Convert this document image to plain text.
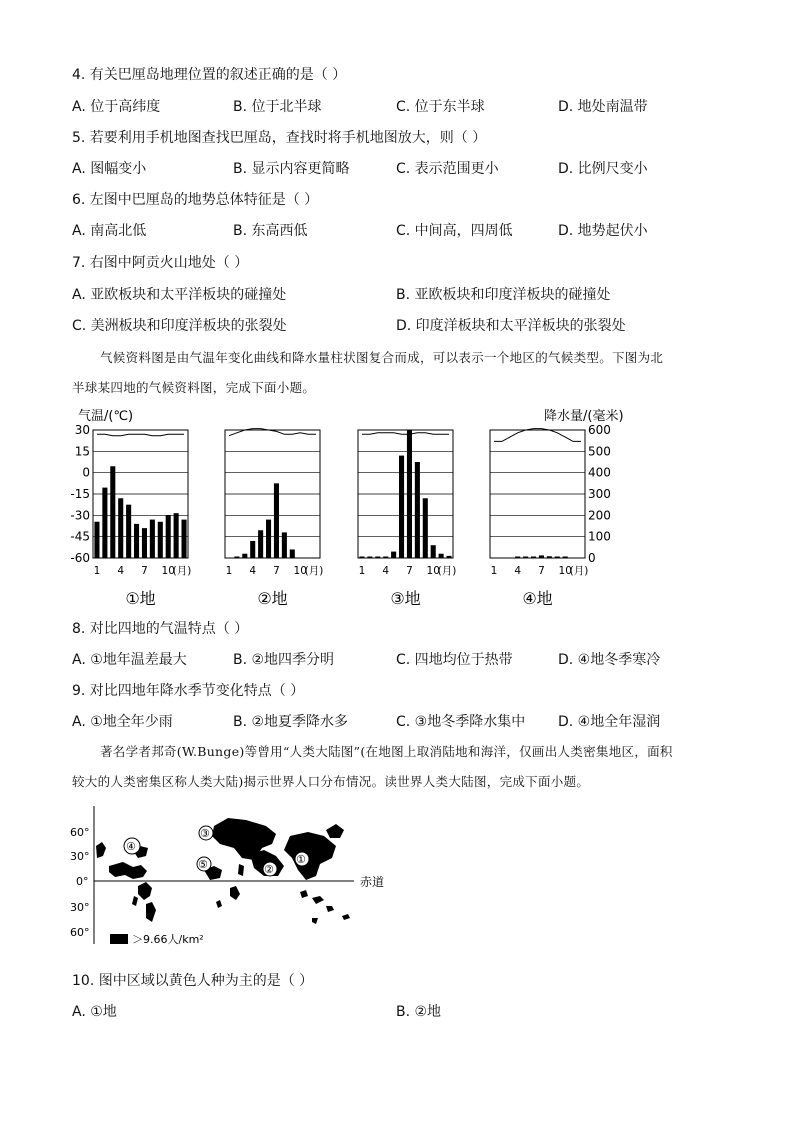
4. 有关巴厘岛地理位置的叙述正确的是（ ）
A. 位于高纬度	B. 位于北半球	C. 位于东半球	D. 地处南温带
5. 若要利用手机地图查找巴厘岛，查找时将手机地图放大，则（ ）
A. 图幅变小	B. 显示内容更简略	C. 表示范围更小	D. 比例尺变小
6. 左图中巴厘岛的地势总体特征是（ ）
A. 南高北低	B. 东高西低	C. 中间高，四周低	D. 地势起伏小
7. 右图中阿贡火山地处（ ）
A. 亚欧板块和太平洋板块的碰撞处	B. 亚欧板块和印度洋板块的碰撞处
C. 美洲板块和印度洋板块的张裂处	D. 印度洋板块和太平洋板块的张裂处
气候资料图是由气温年变化曲线和降水量柱状图复合而成，可以表示一个地区的气候类型。下图为北
半球某四地的气候资料图，完成下面小题。
气温/(℃)	降水量/(毫米)
30
15
0
-15
-30
-45
-60
600
500
400
300
200
100
0
1 4 7 10
(月)
①地
1 4 7 10
(月)
②地
1 4 7 10
(月)
③地
1 4 7 10
(月)
④地
8. 对比四地的气温特点（ ）
A. ①地年温差最大	B. ②地四季分明	C. 四地均位于热带	D. ④地冬季寒冷
9. 对比四地年降水季节变化特点（ ）
A. ①地全年少雨	B. ②地夏季降水多	C. ③地冬季降水集中 D. ④地全年湿润
著名学者邦奇(W.Bunge)等曾用“人类大陆图”(在地图上取消陆地和海洋，仅画出人类密集地区，面积
较大的人类密集区称人类大陆)揭示世界人口分布情况。读世界人类大陆图，完成下面小题。
60°
30°
0°
30°
60°
赤道
①
②
③
④
⑤
＞9.66人/km²
10. 图中区域以黄色人种为主的是（ ）
A. ①地	B. ②地
